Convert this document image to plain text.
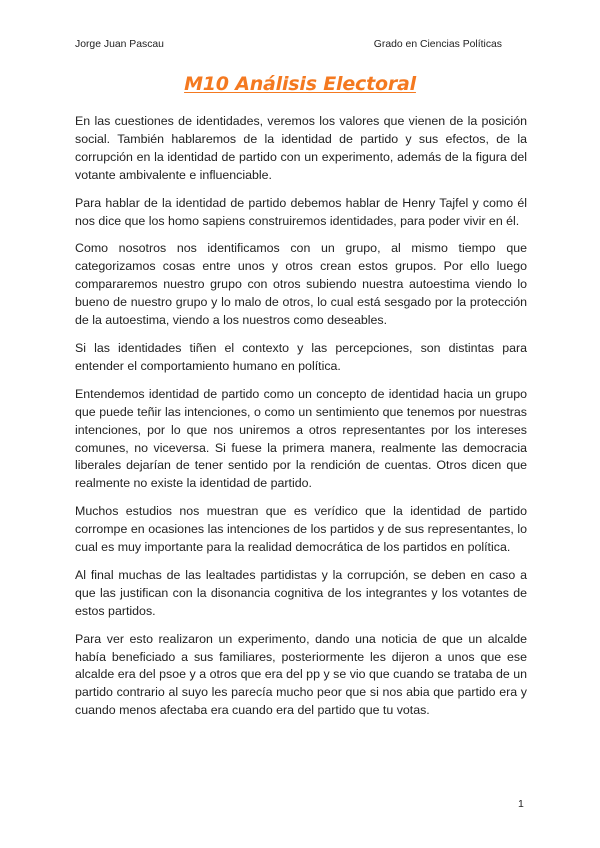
Jorge Juan Pascau	Grado en Ciencias Políticas
M10 Análisis Electoral

En las cuestiones de identidades, veremos los valores que vienen de la posición social. También hablaremos de la identidad de partido y sus efectos, de la corrupción en la identidad de partido con un experimento, además de la figura del votante ambivalente e influenciable.

Para hablar de la identidad de partido debemos hablar de Henry Tajfel y como él nos dice que los homo sapiens construiremos identidades, para poder vivir en él.

Como nosotros nos identificamos con un grupo, al mismo tiempo que categorizamos cosas entre unos y otros crean estos grupos. Por ello luego compararemos nuestro grupo con otros subiendo nuestra autoestima viendo lo bueno de nuestro grupo y lo malo de otros, lo cual está sesgado por la protección de la autoestima, viendo a los nuestros como deseables.

Si las identidades tiñen el contexto y las percepciones, son distintas para entender el comportamiento humano en política.

Entendemos identidad de partido como un concepto de identidad hacia un grupo que puede teñir las intenciones, o como un sentimiento que tenemos por nuestras intenciones, por lo que nos uniremos a otros representantes por los intereses comunes, no viceversa. Si fuese la primera manera, realmente las democracia liberales dejarían de tener sentido por la rendición de cuentas. Otros dicen que realmente no existe la identidad de partido.

Muchos estudios nos muestran que es verídico que la identidad de partido corrompe en ocasiones las intenciones de los partidos y de sus representantes, lo cual es muy importante para la realidad democrática de los partidos en política.

Al final muchas de las lealtades partidistas y la corrupción, se deben en caso a que las justifican con la disonancia cognitiva de los integrantes y los votantes de estos partidos.

Para ver esto realizaron un experimento, dando una noticia de que un alcalde había beneficiado a sus familiares, posteriormente les dijeron a unos que ese alcalde era del psoe y a otros que era del pp y se vio que cuando se trataba de un partido contrario al suyo les parecía mucho peor que si nos abia que partido era y cuando menos afectaba era cuando era del partido que tu votas.

1
